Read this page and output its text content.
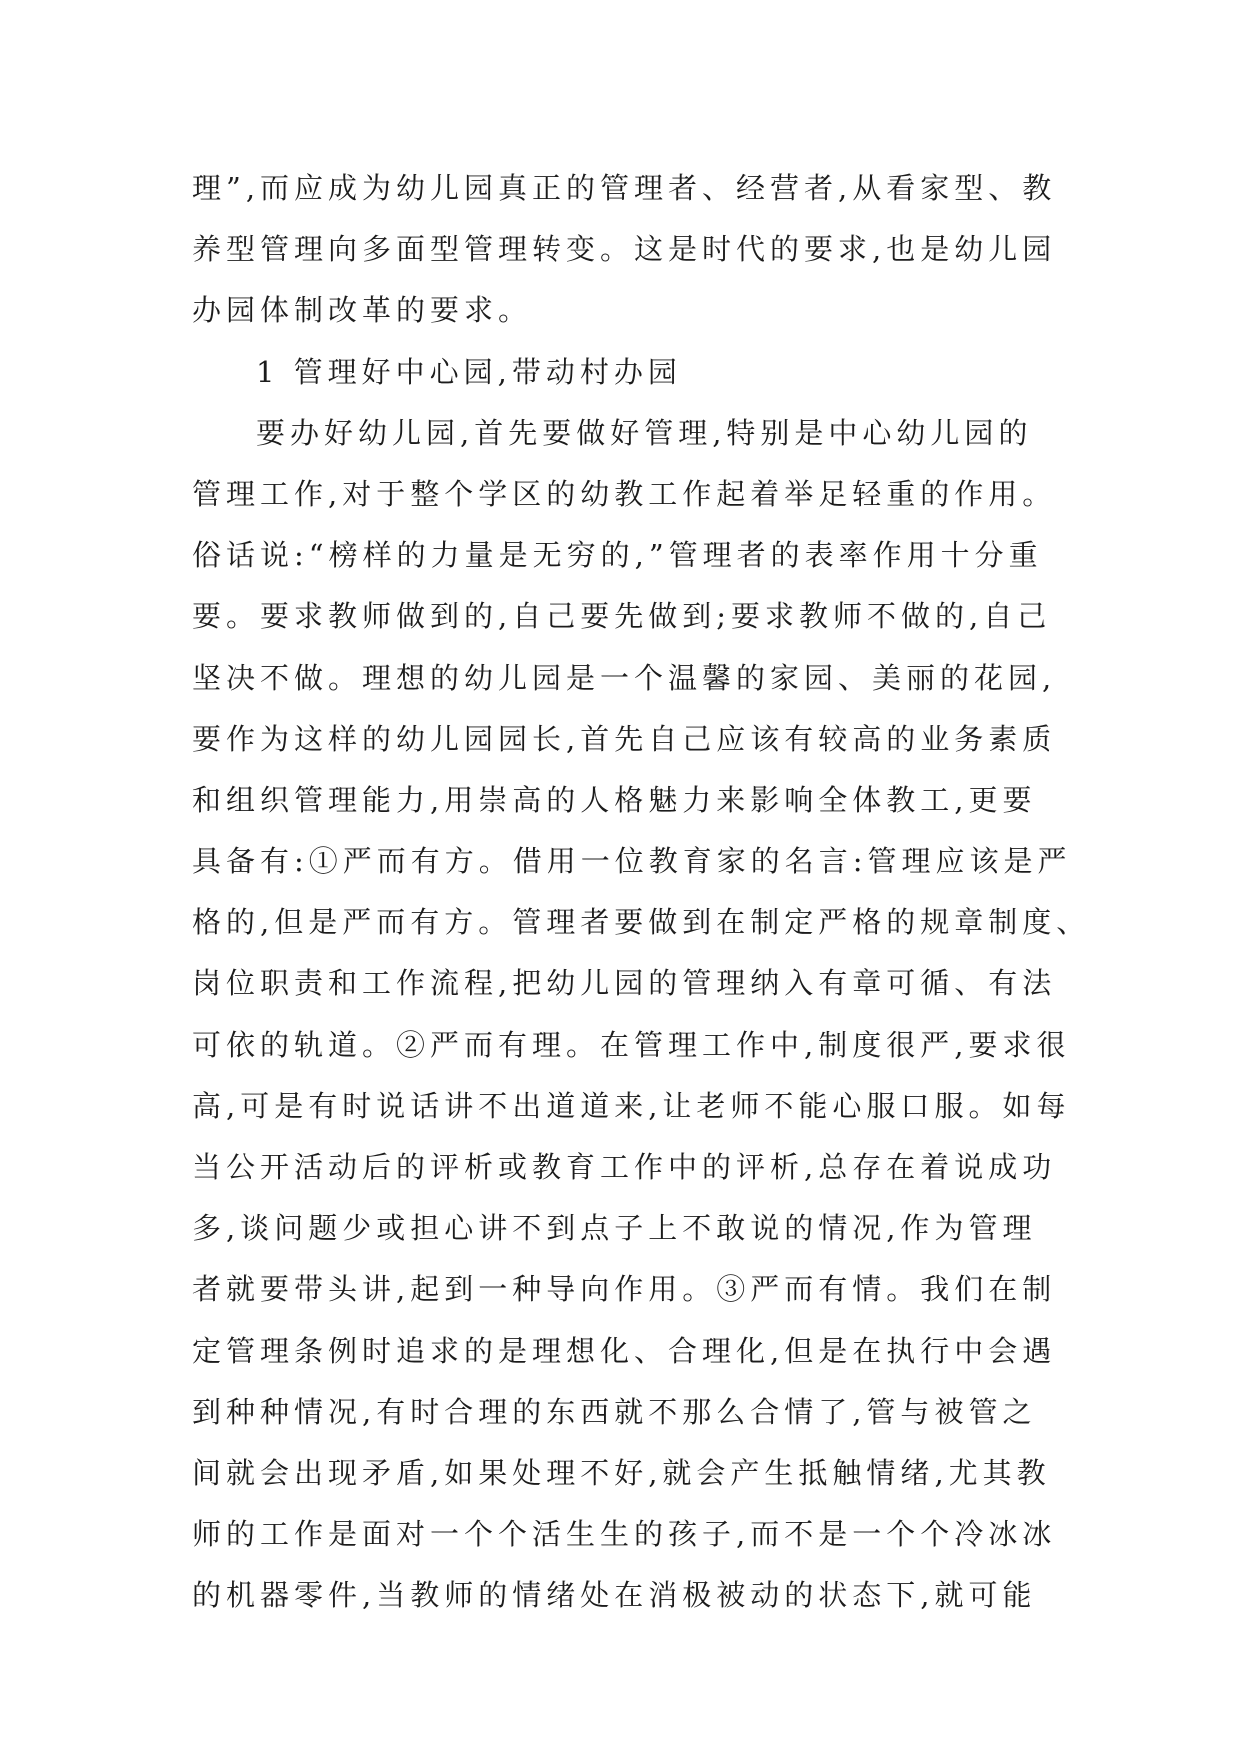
理”,而应成为幼儿园真正的管理者、经营者,从看家型、教
养型管理向多面型管理转变。这是时代的要求,也是幼儿园
办园体制改革的要求。
1 管理好中心园,带动村办园
要办好幼儿园,首先要做好管理,特别是中心幼儿园的
管理工作,对于整个学区的幼教工作起着举足轻重的作用。
俗话说:“榜样的力量是无穷的,”管理者的表率作用十分重
要。要求教师做到的,自己要先做到;要求教师不做的,自己
坚决不做。理想的幼儿园是一个温馨的家园、美丽的花园,
要作为这样的幼儿园园长,首先自己应该有较高的业务素质
和组织管理能力,用崇高的人格魅力来影响全体教工,更要
具备有:①严而有方。借用一位教育家的名言:管理应该是严
格的,但是严而有方。管理者要做到在制定严格的规章制度、
岗位职责和工作流程,把幼儿园的管理纳入有章可循、有法
可依的轨道。②严而有理。在管理工作中,制度很严,要求很
高,可是有时说话讲不出道道来,让老师不能心服口服。如每
当公开活动后的评析或教育工作中的评析,总存在着说成功
多,谈问题少或担心讲不到点子上不敢说的情况,作为管理
者就要带头讲,起到一种导向作用。③严而有情。我们在制
定管理条例时追求的是理想化、合理化,但是在执行中会遇
到种种情况,有时合理的东西就不那么合情了,管与被管之
间就会出现矛盾,如果处理不好,就会产生抵触情绪,尤其教
师的工作是面对一个个活生生的孩子,而不是一个个冷冰冰
的机器零件,当教师的情绪处在消极被动的状态下,就可能
